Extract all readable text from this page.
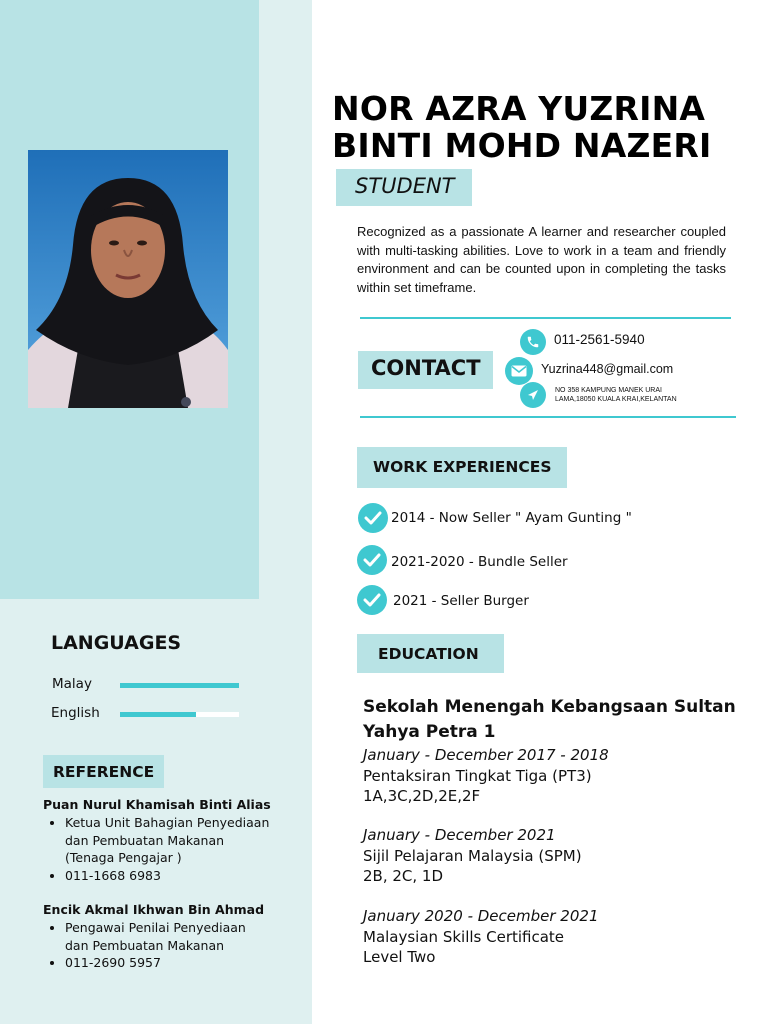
NOR AZRA YUZRINA
BINTI MOHD NAZERI
STUDENT
Recognized as a passionate A learner and researcher coupled with multi-tasking abilities. Love to work in a team and friendly environment and can be counted upon in completing the tasks within set timeframe.
CONTACT
011-2561-5940
Yuzrina448@gmail.com
NO 358 KAMPUNG MANEK URAI
LAMA,18050 KUALA KRAI,KELANTAN
WORK EXPERIENCES
2014 - Now Seller " Ayam Gunting "
2021-2020 - Bundle Seller
2021 - Seller Burger
EDUCATION
Sekolah Menengah Kebangsaan Sultan
Yahya Petra 1
January - December 2017 - 2018
Pentaksiran Tingkat Tiga (PT3)
1A,3C,2D,2E,2F
January - December 2021
Sijil Pelajaran Malaysia (SPM)
2B, 2C, 1D
January 2020 - December 2021
Malaysian Skills Certificate
Level Two
LANGUAGES
Malay
English
REFERENCE
Puan Nurul Khamisah Binti Alias
• Ketua Unit Bahagian Penyediaan
dan Pembuatan Makanan
(Tenaga Pengajar )
• 011-1668 6983
Encik Akmal Ikhwan Bin Ahmad
• Pengawai Penilai Penyediaan
dan Pembuatan Makanan
• 011-2690 5957
